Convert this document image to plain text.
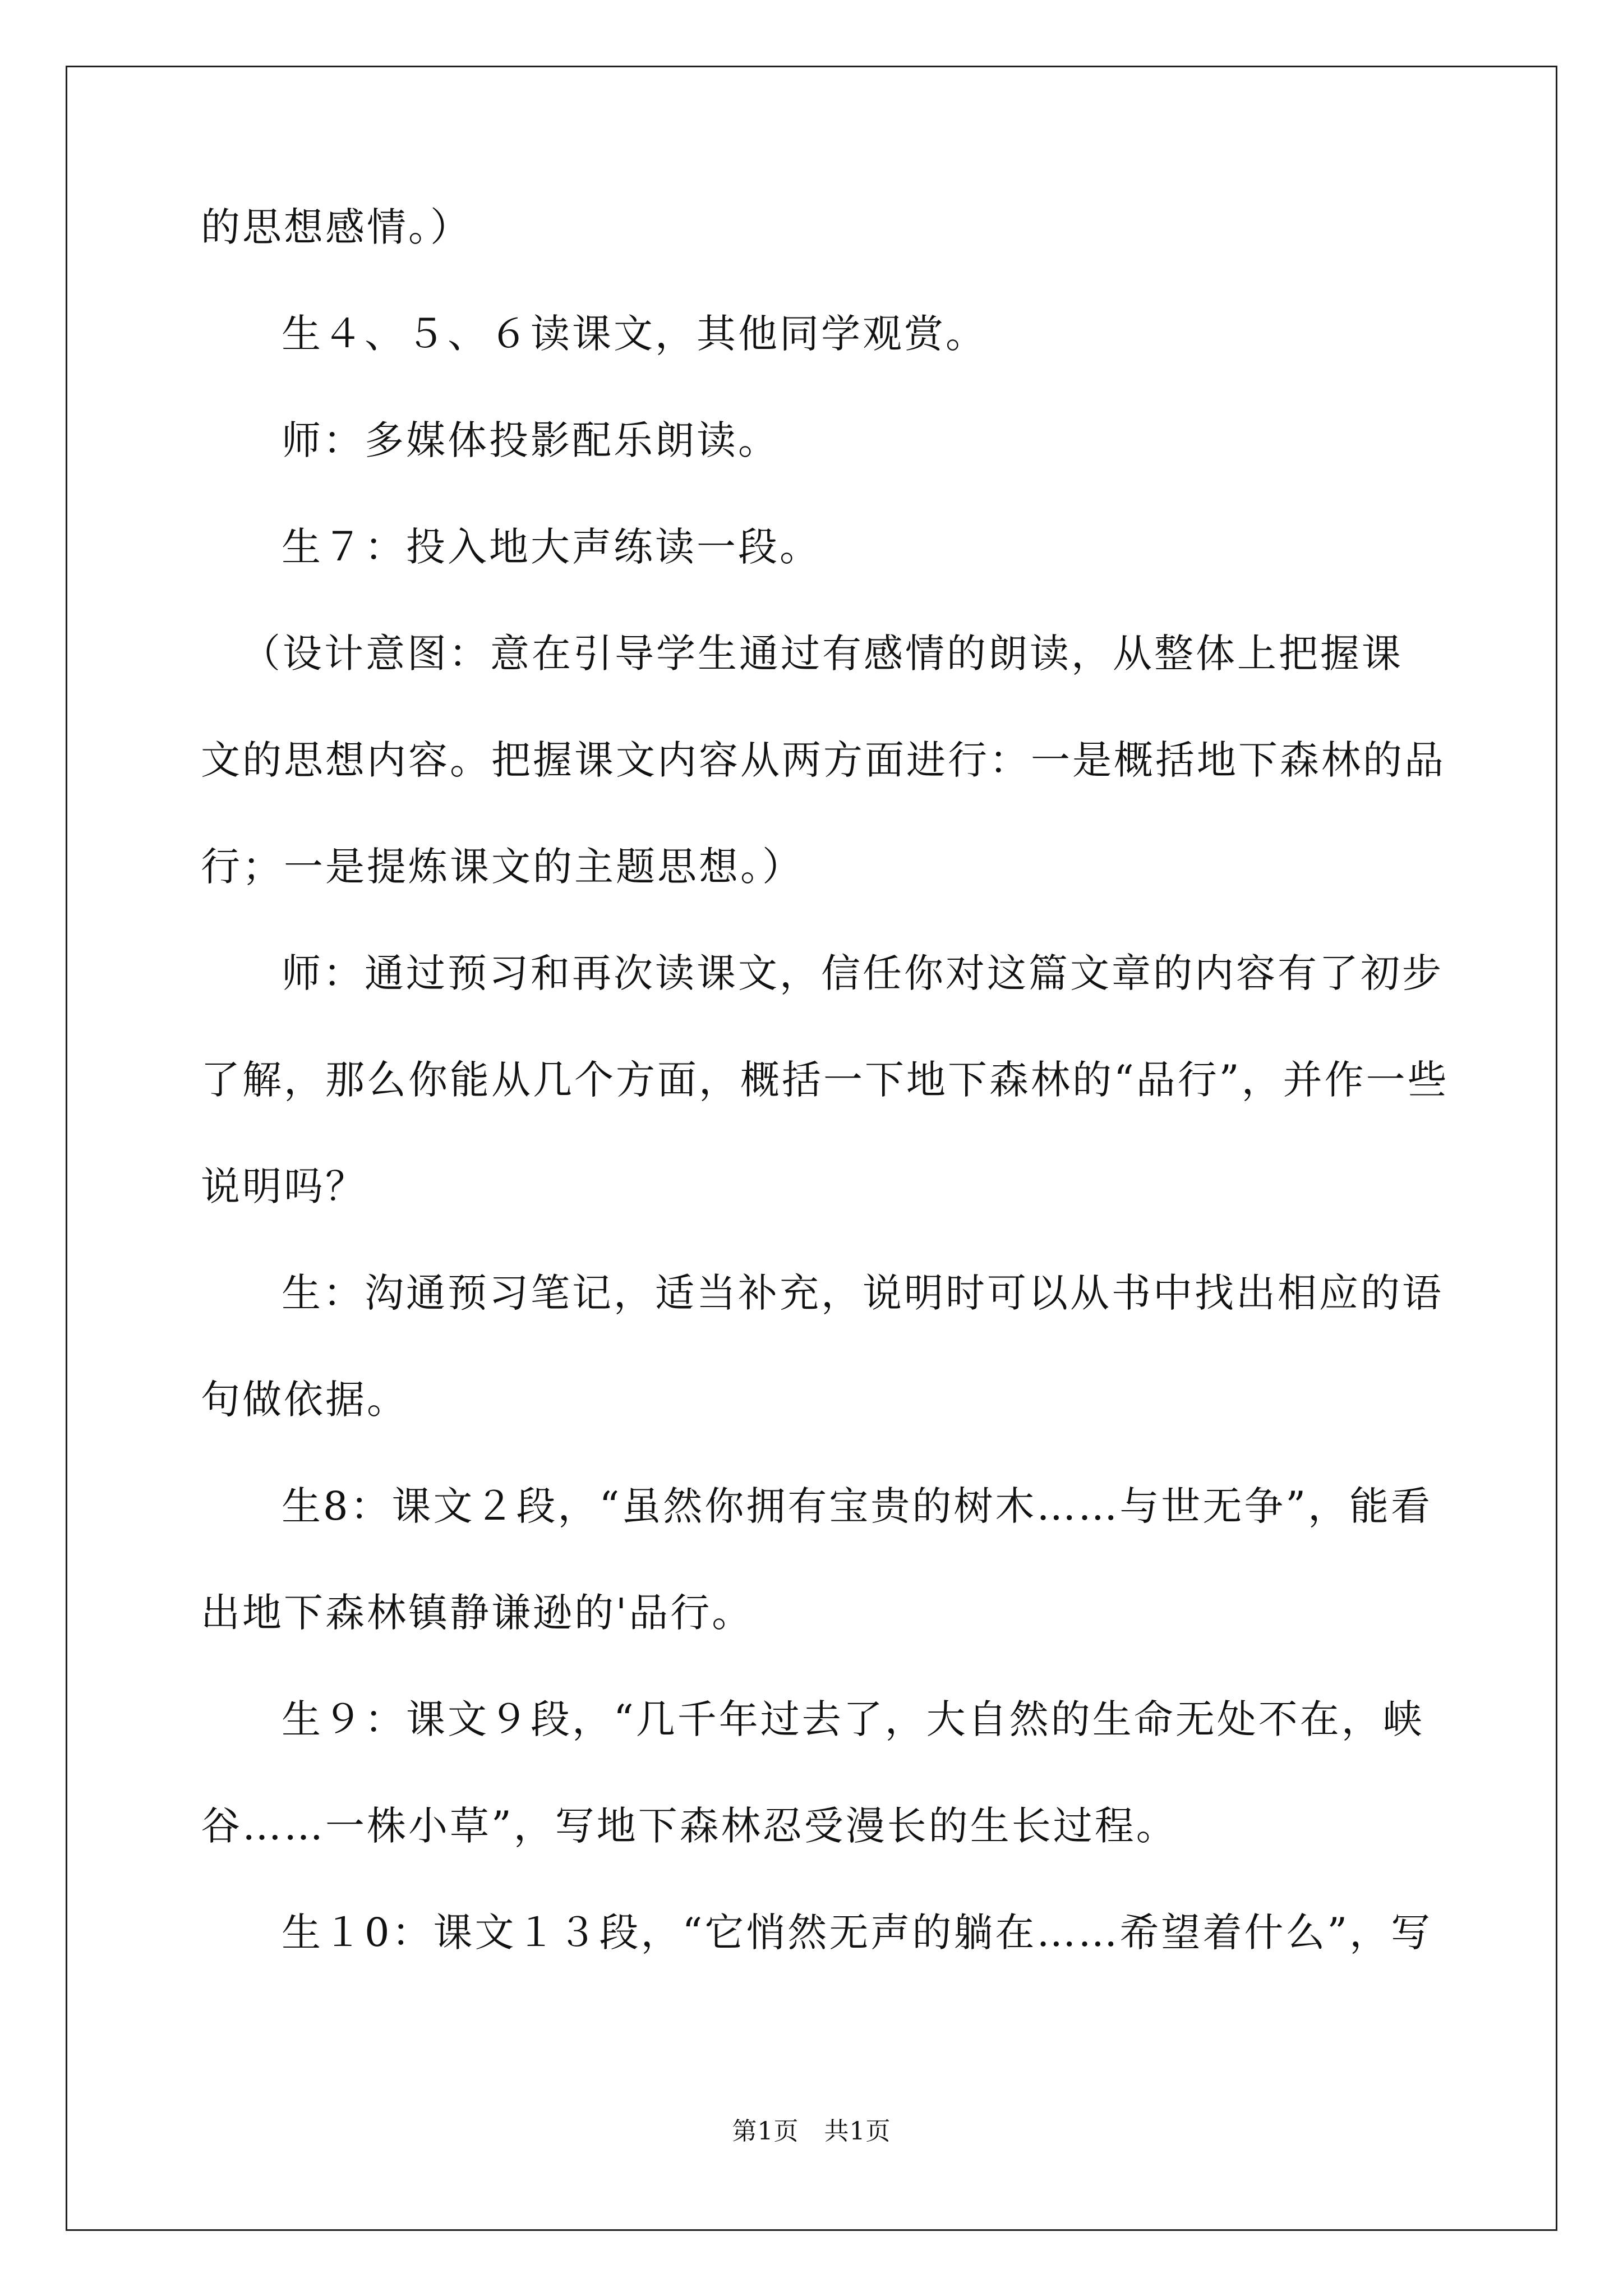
的思想感情。）
生４、５、６读课文，其他同学观赏。
师：多媒体投影配乐朗读。
生７：投入地大声练读一段。
（设计意图：意在引导学生通过有感情的朗读，从整体上把握课
文的思想内容。把握课文内容从两方面进行：一是概括地下森林的品
行；一是提炼课文的主题思想。）
师：通过预习和再次读课文，信任你对这篇文章的内容有了初步
了解，那么你能从几个方面，概括一下地下森林的“品行”，并作一些
说明吗？
生：沟通预习笔记，适当补充，说明时可以从书中找出相应的语
句做依据。
生8：课文２段，“虽然你拥有宝贵的树木……与世无争”，能看
出地下森林镇静谦逊的'品行。
生９：课文９段，“几千年过去了，大自然的生命无处不在，峡
谷……一株小草”，写地下森林忍受漫长的生长过程。
生１0：课文１３段，“它悄然无声的躺在……希望着什么”，写
第1页　共1页
